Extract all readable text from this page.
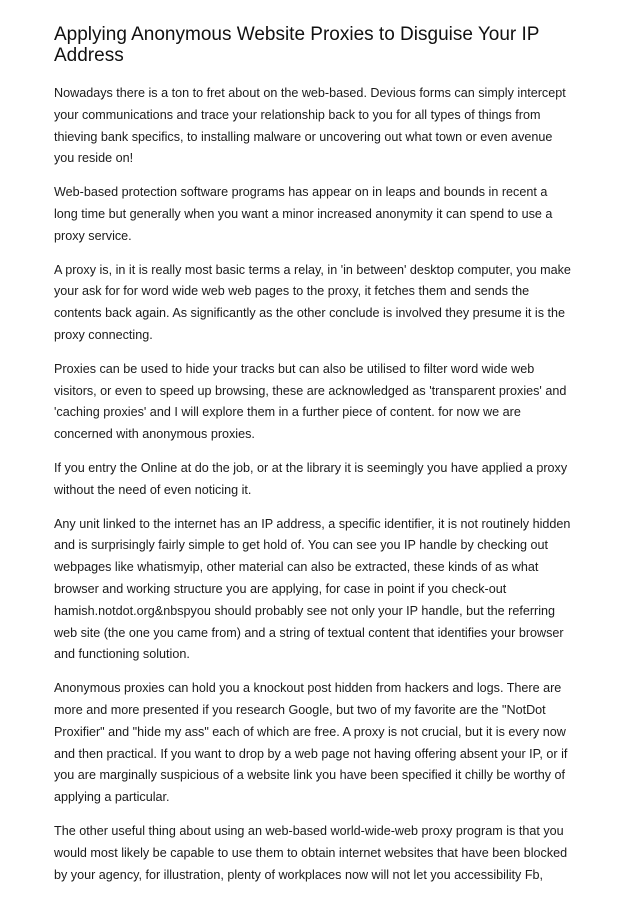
Applying Anonymous Website Proxies to Disguise Your IP
Address

Nowadays there is a ton to fret about on the web-based. Devious forms can simply intercept
your communications and trace your relationship back to you for all types of things from
thieving bank specifics, to installing malware or uncovering out what town or even avenue
you reside on!

Web-based protection software programs has appear on in leaps and bounds in recent a
long time but generally when you want a minor increased anonymity it can spend to use a
proxy service.

A proxy is, in it is really most basic terms a relay, in 'in between' desktop computer, you make
your ask for for word wide web web pages to the proxy, it fetches them and sends the
contents back again. As significantly as the other conclude is involved they presume it is the
proxy connecting.

Proxies can be used to hide your tracks but can also be utilised to filter word wide web
visitors, or even to speed up browsing, these are acknowledged as 'transparent proxies' and
'caching proxies' and I will explore them in a further piece of content. for now we are
concerned with anonymous proxies.

If you entry the Online at do the job, or at the library it is seemingly you have applied a proxy
without the need of even noticing it.

Any unit linked to the internet has an IP address, a specific identifier, it is not routinely hidden
and is surprisingly fairly simple to get hold of. You can see you IP handle by checking out
webpages like whatismyip, other material can also be extracted, these kinds of as what
browser and working structure you are applying, for case in point if you check-out
hamish.notdot.org&nbspyou should probably see not only your IP handle, but the referring
web site (the one you came from) and a string of textual content that identifies your browser
and functioning solution.

Anonymous proxies can hold you a knockout post hidden from hackers and logs. There are
more and more presented if you research Google, but two of my favorite are the "NotDot
Proxifier" and "hide my ass" each of which are free. A proxy is not crucial, but it is every now
and then practical. If you want to drop by a web page not having offering absent your IP, or if
you are marginally suspicious of a website link you have been specified it chilly be worthy of
applying a particular.

The other useful thing about using an web-based world-wide-web proxy program is that you
would most likely be capable to use them to obtain internet websites that have been blocked
by your agency, for illustration, plenty of workplaces now will not let you accessibility Fb,
